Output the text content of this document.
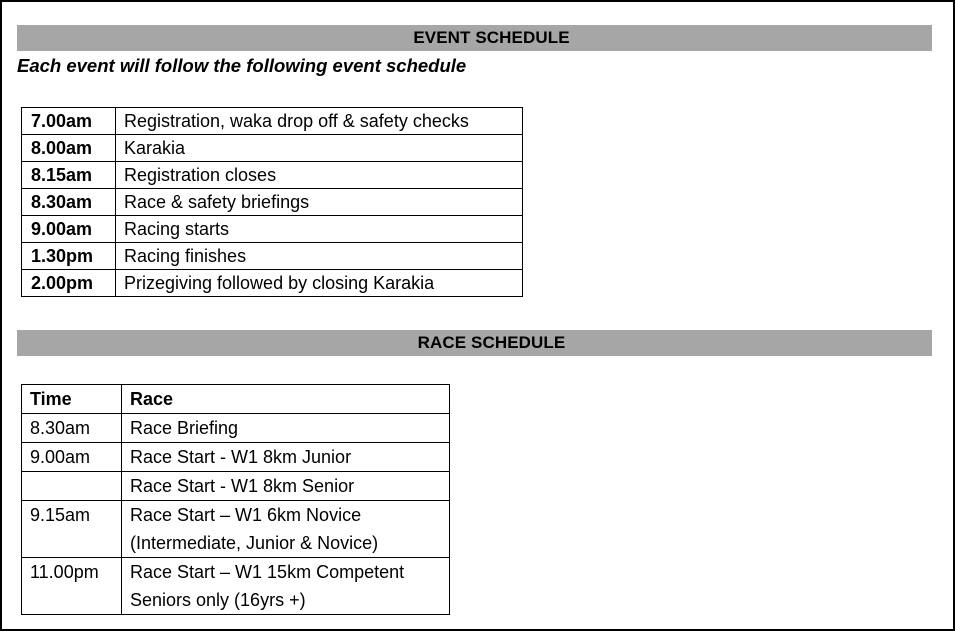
EVENT SCHEDULE
Each event will follow the following event schedule
7.00am	Registration, waka drop off & safety checks
8.00am	Karakia
8.15am	Registration closes
8.30am	Race & safety briefings
9.00am	Racing starts
1.30pm	Racing finishes
2.00pm	Prizegiving followed by closing Karakia
RACE SCHEDULE
Time	Race
8.30am	Race Briefing

9.00am	Race Start - W1 8km Junior

	Race Start - W1 8km Senior

9.15am	Race Start – W1 6km Novice
(Intermediate, Junior & Novice)

11.00pm	Race Start – W1 15km Competent
Seniors only (16yrs +)
